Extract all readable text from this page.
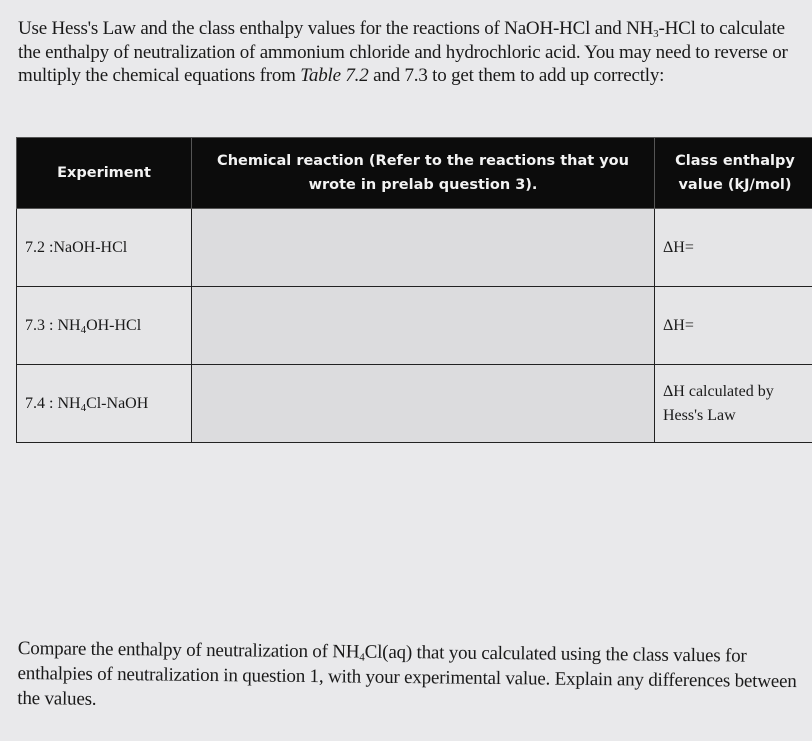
Use Hess's Law and the class enthalpy values for the reactions of NaOH-HCl and $NH_3$-HCl to calculate the enthalpy of neutralization of ammonium chloride and hydrochloric acid. You may need to reverse or multiply the chemical equations from Table 7.2 and 7.3 to get them to add up correctly:
Experiment	Chemical reaction (Refer to the reactions that you wrote in prelab question 3).	Class enthalpy value (kJ/mol)
7.2 :NaOH-HCl		ΔH=
7.3 : $NH_4OH$-HCl		ΔH=
7.4 : $NH_4Cl$-NaOH		ΔH calculated by Hess's Law
Compare the enthalpy of neutralization of $NH_4Cl(aq)$ that you calculated using the class values for enthalpies of neutralization in question 1, with your experimental value. Explain any differences between the values.
